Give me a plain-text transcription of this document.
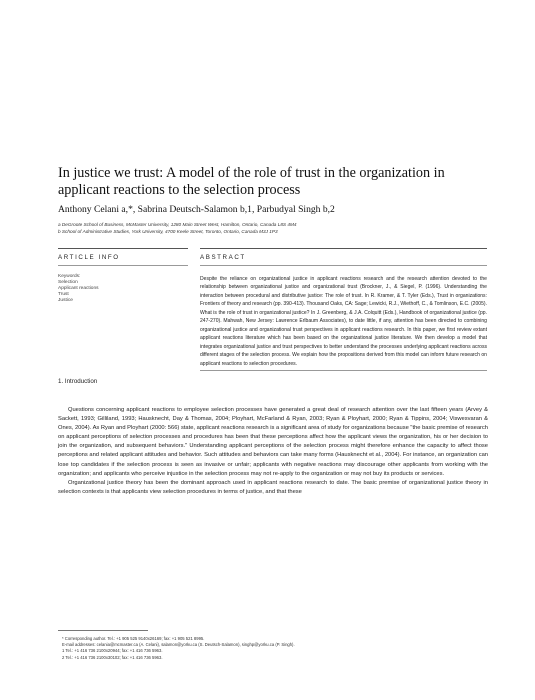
In justice we trust: A model of the role of trust in the organization in applicant reactions to the selection process
Anthony Celani a,*, Sabrina Deutsch-Salamon b,1, Parbudyal Singh b,2
a DeGroote School of Business, McMaster University, 1280 Main Street West, Hamilton, Ontario, Canada L8S 4M4
b School of Administrative Studies, York University, 4700 Keele Street, Toronto, Ontario, Canada M3J 1P3
ARTICLE INFO	ABSTRACT
Keywords:
Selection
Applicant reactions
Trust
Justice
Despite the reliance on organizational justice in applicant reactions research and the research attention devoted to the relationship between organizational justice and organizational trust (Brockner, J., & Siegel, P. (1996). Understanding the interaction between procedural and distributive justice: The role of trust. In R. Kramer, & T. Tyler (Eds.), Trust in organizations: Frontiers of theory and research (pp. 390-413). Thousand Oaks, CA: Sage; Lewicki, R.J., Wiethoff, C., & Tomlinson, E.C. (2005). What is the role of trust in organizational justice? In J. Greenberg, & J.A. Colquitt (Eds.), Handbook of organizational justice (pp. 247-270). Mahwah, New Jersey: Lawrence Erlbaum Associates), to date little, if any, attention has been directed to combining organizational justice and organizational trust perspectives in applicant reactions research. In this paper, we first review extant applicant reactions literature which has been based on the organizational justice literature. We then develop a model that integrates organizational justice and trust perspectives to better understand the processes underlying applicant reactions across different stages of the selection process. We explain how the propositions derived from this model can inform future research on applicant reactions to selection procedures.
1. Introduction

Questions concerning applicant reactions to employee selection processes have generated a great deal of research attention over the last fifteen years (Arvey & Sackett, 1993; Gilliland, 1993; Hausknecht, Day & Thomas, 2004; Ployhart, McFarland & Ryan, 2003; Ryan & Ployhart, 2000; Ryan & Tippins, 2004; Viswesvaran & Ones, 2004). As Ryan and Ployhart (2000: 566) state, applicant reactions research is a significant area of study for organizations because "the basic premise of research on applicant perceptions of selection processes and procedures has been that these perceptions affect how the applicant views the organization, his or her decision to join the organization, and subsequent behaviors." Understanding applicant perceptions of the selection process might therefore enhance the capacity to affect those perceptions and related applicant attitudes and behavior. Such attitudes and behaviors can take many forms (Hausknecht et al., 2004). For instance, an organization can lose top candidates if the selection process is seen as invasive or unfair; applicants with negative reactions may discourage other applicants from working with the organization; and applicants who perceive injustice in the selection process may not re-apply to the organization or may not buy its products or services.

Organizational justice theory has been the dominant approach used in applicant reactions research to date. The basic premise of organizational justice theory in selection contexts is that applicants view selection procedures in terms of justice, and that these

* Corresponding author. Tel.: +1 905 525 9140x26169; fax: +1 905 521 8995.
E-mail addresses: celania@mcmaster.ca (A. Celani), salamon@yorku.ca (S. Deutsch-Salamon), singhp@yorku.ca (P. Singh).
1 Tel.: +1 416 736 2100x20944; fax: +1 416 736 5963.
2 Tel.: +1 416 736 2100x30102; fax: +1 416 736 5963.
